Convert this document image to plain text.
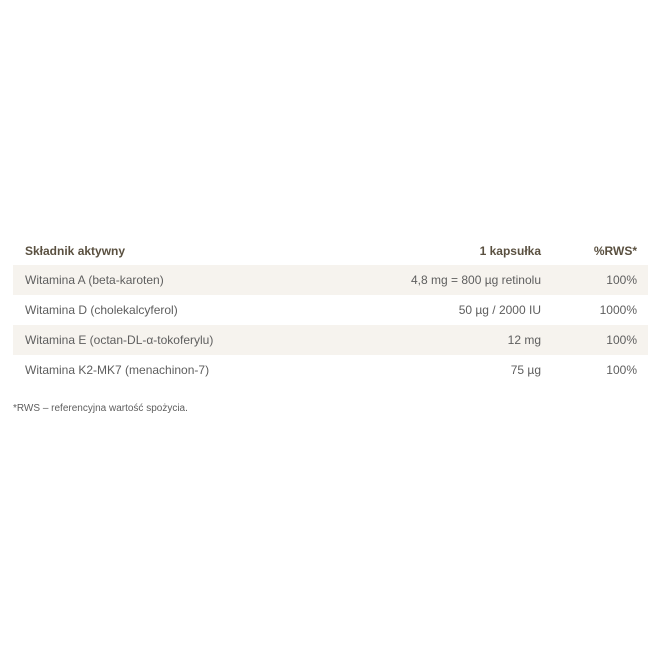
Składnik aktywny	1 kapsułka	%RWS*
Witamina A (beta-karoten)	4,8 mg = 800 µg retinolu	100%
Witamina D (cholekalcyferol)	50 µg / 2000 IU	1000%
Witamina E (octan-DL-α-tokoferylu)	12 mg	100%
Witamina K2-MK7 (menachinon-7)	75 µg	100%
*RWS – referencyjna wartość spożycia.
